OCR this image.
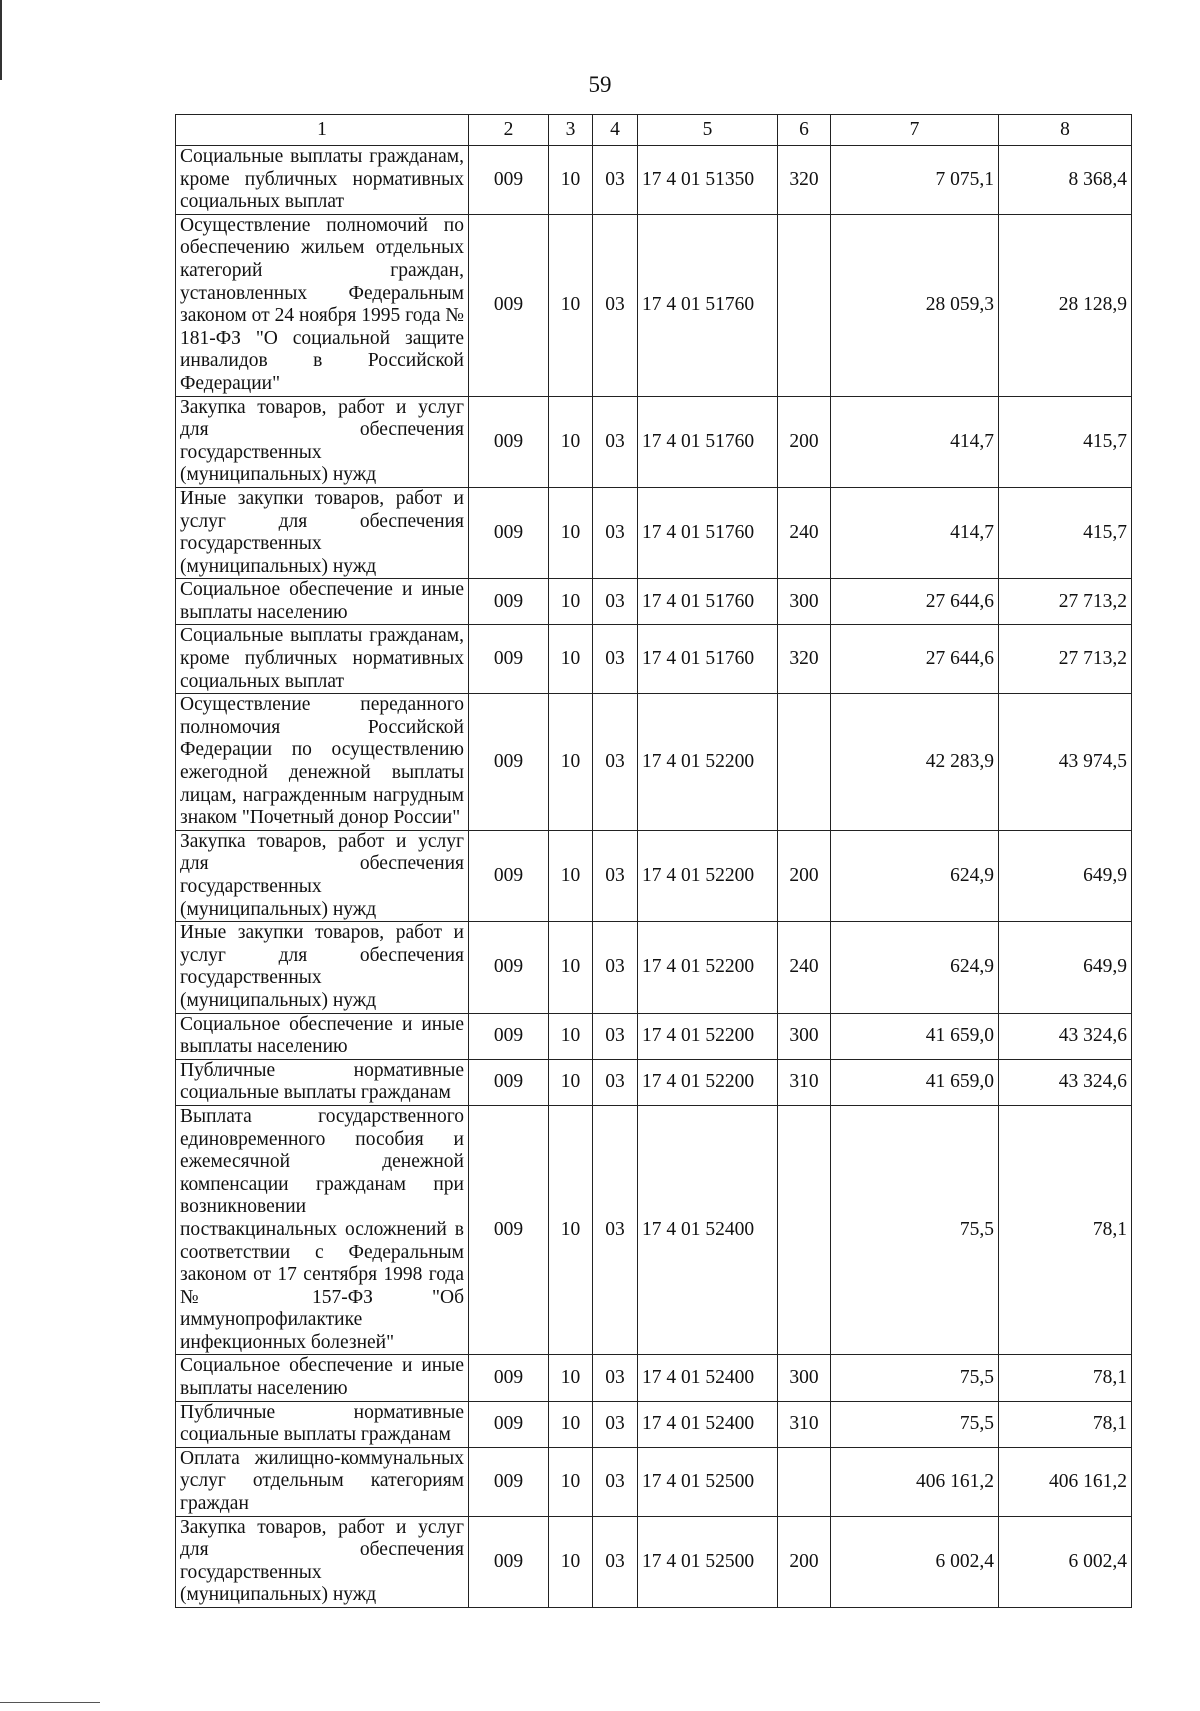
59
1	2	3	4	5	6	7	8
Социальные выплаты гражданам, кроме публичных нормативных социальных выплат	009	10	03	17 4 01 51350	320	7 075,1	8 368,4
Осуществление полномочий по обеспечению жильем отдельных категорий граждан, установленных Федеральным законом от 24 ноября 1995 года № 181-ФЗ "О социальной защите инвалидов в Российской Федерации"	009	10	03	17 4 01 51760		28 059,3	28 128,9
Закупка товаров, работ и услуг для обеспечения государственных (муниципальных) нужд	009	10	03	17 4 01 51760	200	414,7	415,7
Иные закупки товаров, работ и услуг для обеспечения государственных (муниципальных) нужд	009	10	03	17 4 01 51760	240	414,7	415,7
Социальное обеспечение и иные выплаты населению	009	10	03	17 4 01 51760	300	27 644,6	27 713,2
Социальные выплаты гражданам, кроме публичных нормативных социальных выплат	009	10	03	17 4 01 51760	320	27 644,6	27 713,2
Осуществление переданного полномочия Российской Федерации по осуществлению ежегодной денежной выплаты лицам, награжденным нагрудным знаком "Почетный донор России"	009	10	03	17 4 01 52200		42 283,9	43 974,5
Закупка товаров, работ и услуг для обеспечения государственных (муниципальных) нужд	009	10	03	17 4 01 52200	200	624,9	649,9
Иные закупки товаров, работ и услуг для обеспечения государственных (муниципальных) нужд	009	10	03	17 4 01 52200	240	624,9	649,9
Социальное обеспечение и иные выплаты населению	009	10	03	17 4 01 52200	300	41 659,0	43 324,6
Публичные нормативные социальные выплаты гражданам	009	10	03	17 4 01 52200	310	41 659,0	43 324,6
Выплата государственного единовременного пособия и ежемесячной денежной компенсации гражданам при возникновении поствакцинальных осложнений в соответствии с Федеральным законом от 17 сентября 1998 года № 157-ФЗ "Об иммунопрофилактике инфекционных болезней"	009	10	03	17 4 01 52400		75,5	78,1
Социальное обеспечение и иные выплаты населению	009	10	03	17 4 01 52400	300	75,5	78,1
Публичные нормативные социальные выплаты гражданам	009	10	03	17 4 01 52400	310	75,5	78,1
Оплата жилищно-коммунальных услуг отдельным категориям граждан	009	10	03	17 4 01 52500		406 161,2	406 161,2
Закупка товаров, работ и услуг для обеспечения государственных (муниципальных) нужд	009	10	03	17 4 01 52500	200	6 002,4	6 002,4
